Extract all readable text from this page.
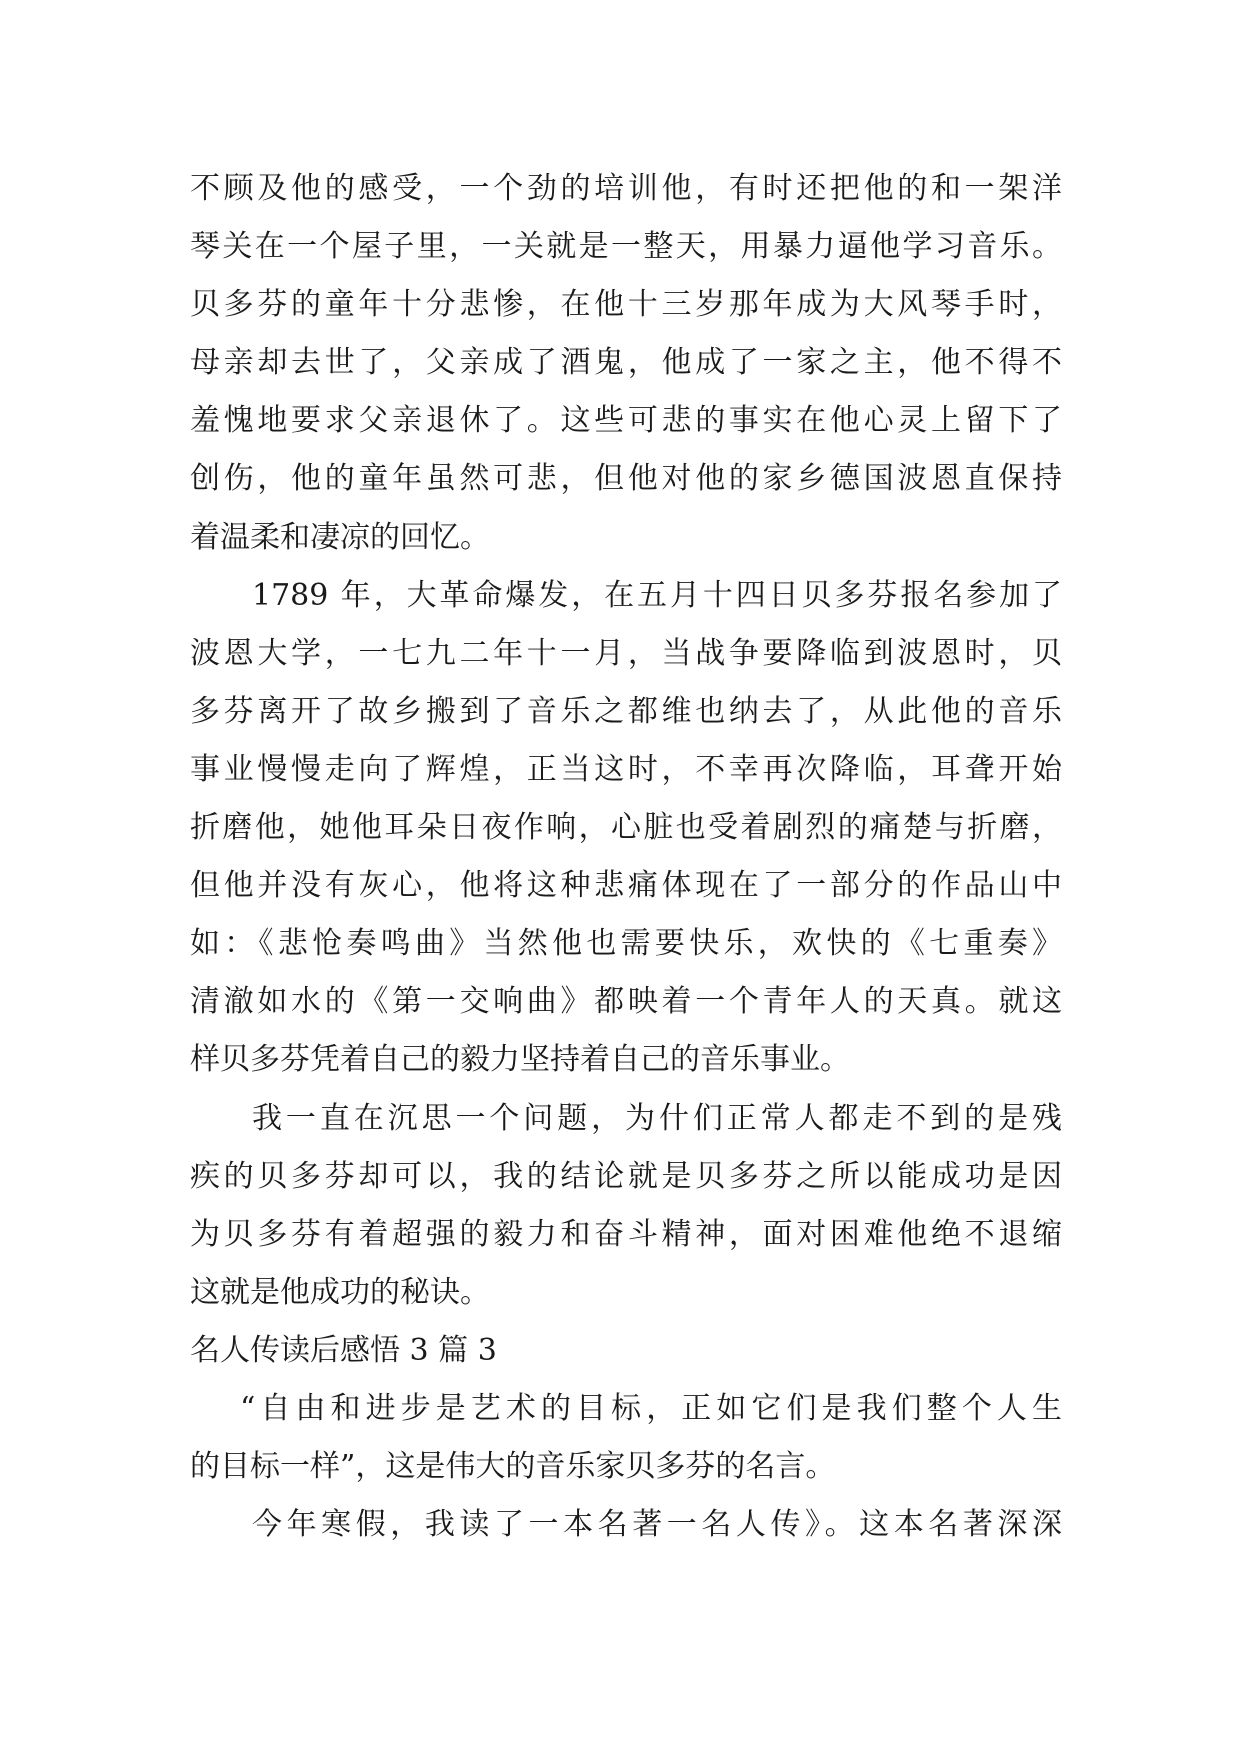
不顾及他的感受，一个劲的培训他，有时还把他的和一架洋
琴关在一个屋子里，一关就是一整天，用暴力逼他学习音乐。
贝多芬的童年十分悲惨，在他十三岁那年成为大风琴手时，
母亲却去世了，父亲成了酒鬼，他成了一家之主，他不得不
羞愧地要求父亲退休了。这些可悲的事实在他心灵上留下了
创伤，他的童年虽然可悲，但他对他的家乡德国波恩直保持
着温柔和凄凉的回忆。
1789 年，大革命爆发，在五月十四日贝多芬报名参加了
波恩大学，一七九二年十一月，当战争要降临到波恩时，贝
多芬离开了故乡搬到了音乐之都维也纳去了，从此他的音乐
事业慢慢走向了辉煌，正当这时，不幸再次降临，耳聋开始
折磨他，她他耳朵日夜作响，心脏也受着剧烈的痛楚与折磨，
但他并没有灰心，他将这种悲痛体现在了一部分的作品山中
如：《悲怆奏鸣曲》当然他也需要快乐，欢快的《七重奏》
清澈如水的《第一交响曲》都映着一个青年人的天真。就这
样贝多芬凭着自己的毅力坚持着自己的音乐事业。
我一直在沉思一个问题，为什们正常人都走不到的是残
疾的贝多芬却可以，我的结论就是贝多芬之所以能成功是因
为贝多芬有着超强的毅力和奋斗精神，面对困难他绝不退缩
这就是他成功的秘诀。
名人传读后感悟 3 篇 3
“自由和进步是艺术的目标，正如它们是我们整个人生
的目标一样”，这是伟大的音乐家贝多芬的名言。
今年寒假，我读了一本名著一名人传》。这本名著深深
